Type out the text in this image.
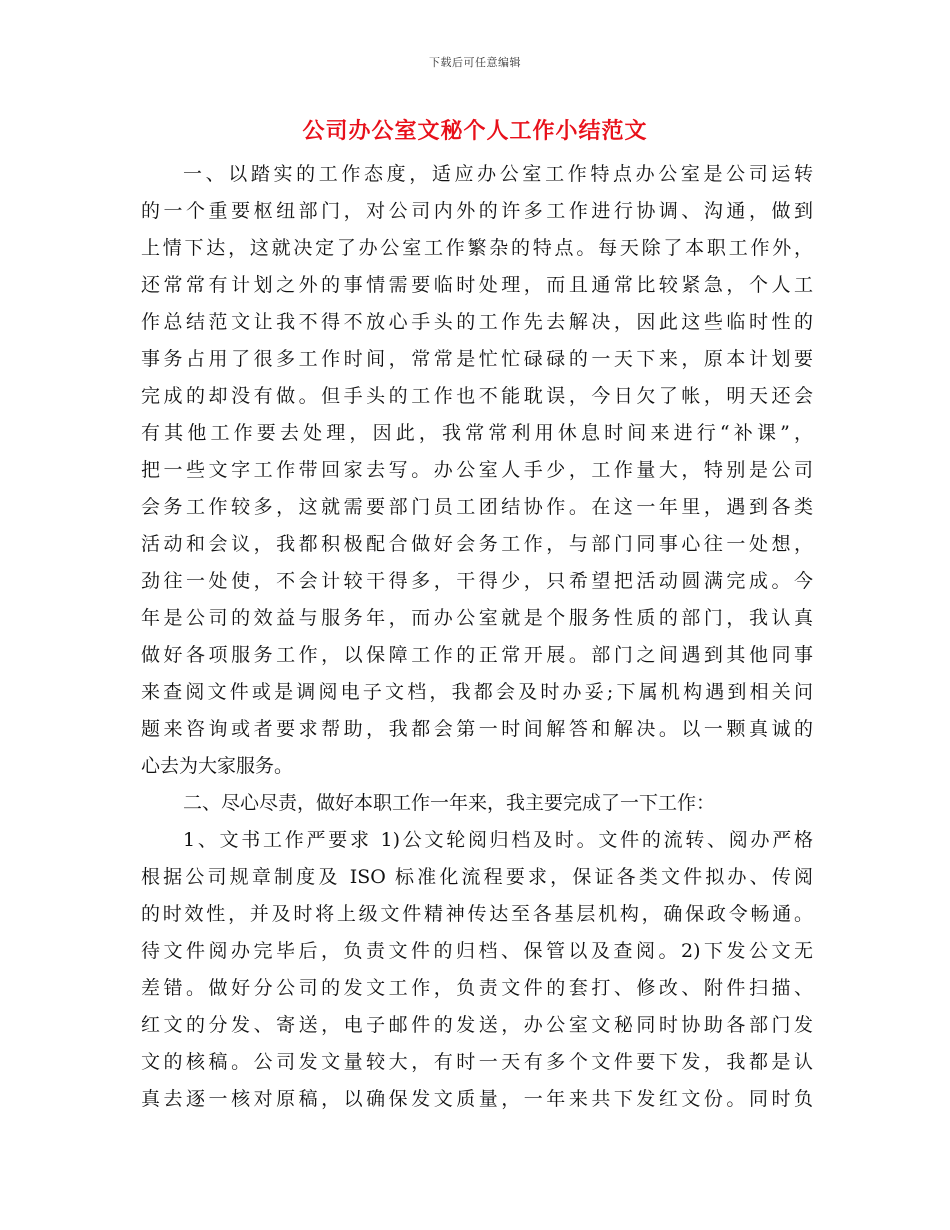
下载后可任意编辑
公司办公室文秘个人工作小结范文
一、以踏实的工作态度，适应办公室工作特点办公室是公司运转
的一个重要枢纽部门，对公司内外的许多工作进行协调、沟通，做到
上情下达，这就决定了办公室工作繁杂的特点。每天除了本职工作外，
还常常有计划之外的事情需要临时处理，而且通常比较紧急，个人工
作总结范文让我不得不放心手头的工作先去解决，因此这些临时性的
事务占用了很多工作时间，常常是忙忙碌碌的一天下来，原本计划要
完成的却没有做。但手头的工作也不能耽误，今日欠了帐，明天还会
有其他工作要去处理，因此，我常常利用休息时间来进行“补课”，
把一些文字工作带回家去写。办公室人手少，工作量大，特别是公司
会务工作较多，这就需要部门员工团结协作。在这一年里，遇到各类
活动和会议，我都积极配合做好会务工作，与部门同事心往一处想，
劲往一处使，不会计较干得多，干得少，只希望把活动圆满完成。今
年是公司的效益与服务年，而办公室就是个服务性质的部门，我认真
做好各项服务工作，以保障工作的正常开展。部门之间遇到其他同事
来查阅文件或是调阅电子文档，我都会及时办妥;下属机构遇到相关问
题来咨询或者要求帮助，我都会第一时间解答和解决。以一颗真诚的
心去为大家服务。
二、尽心尽责，做好本职工作一年来，我主要完成了一下工作：
1、文书工作严要求 1)公文轮阅归档及时。文件的流转、阅办严格
根据公司规章制度及 ISO 标准化流程要求，保证各类文件拟办、传阅
的时效性，并及时将上级文件精神传达至各基层机构，确保政令畅通。
待文件阅办完毕后，负责文件的归档、保管以及查阅。2)下发公文无
差错。做好分公司的发文工作，负责文件的套打、修改、附件扫描、
红文的分发、寄送，电子邮件的发送，办公室文秘同时协助各部门发
文的核稿。公司发文量较大，有时一天有多个文件要下发，我都是认
真去逐一核对原稿，以确保发文质量，一年来共下发红文份。同时负
